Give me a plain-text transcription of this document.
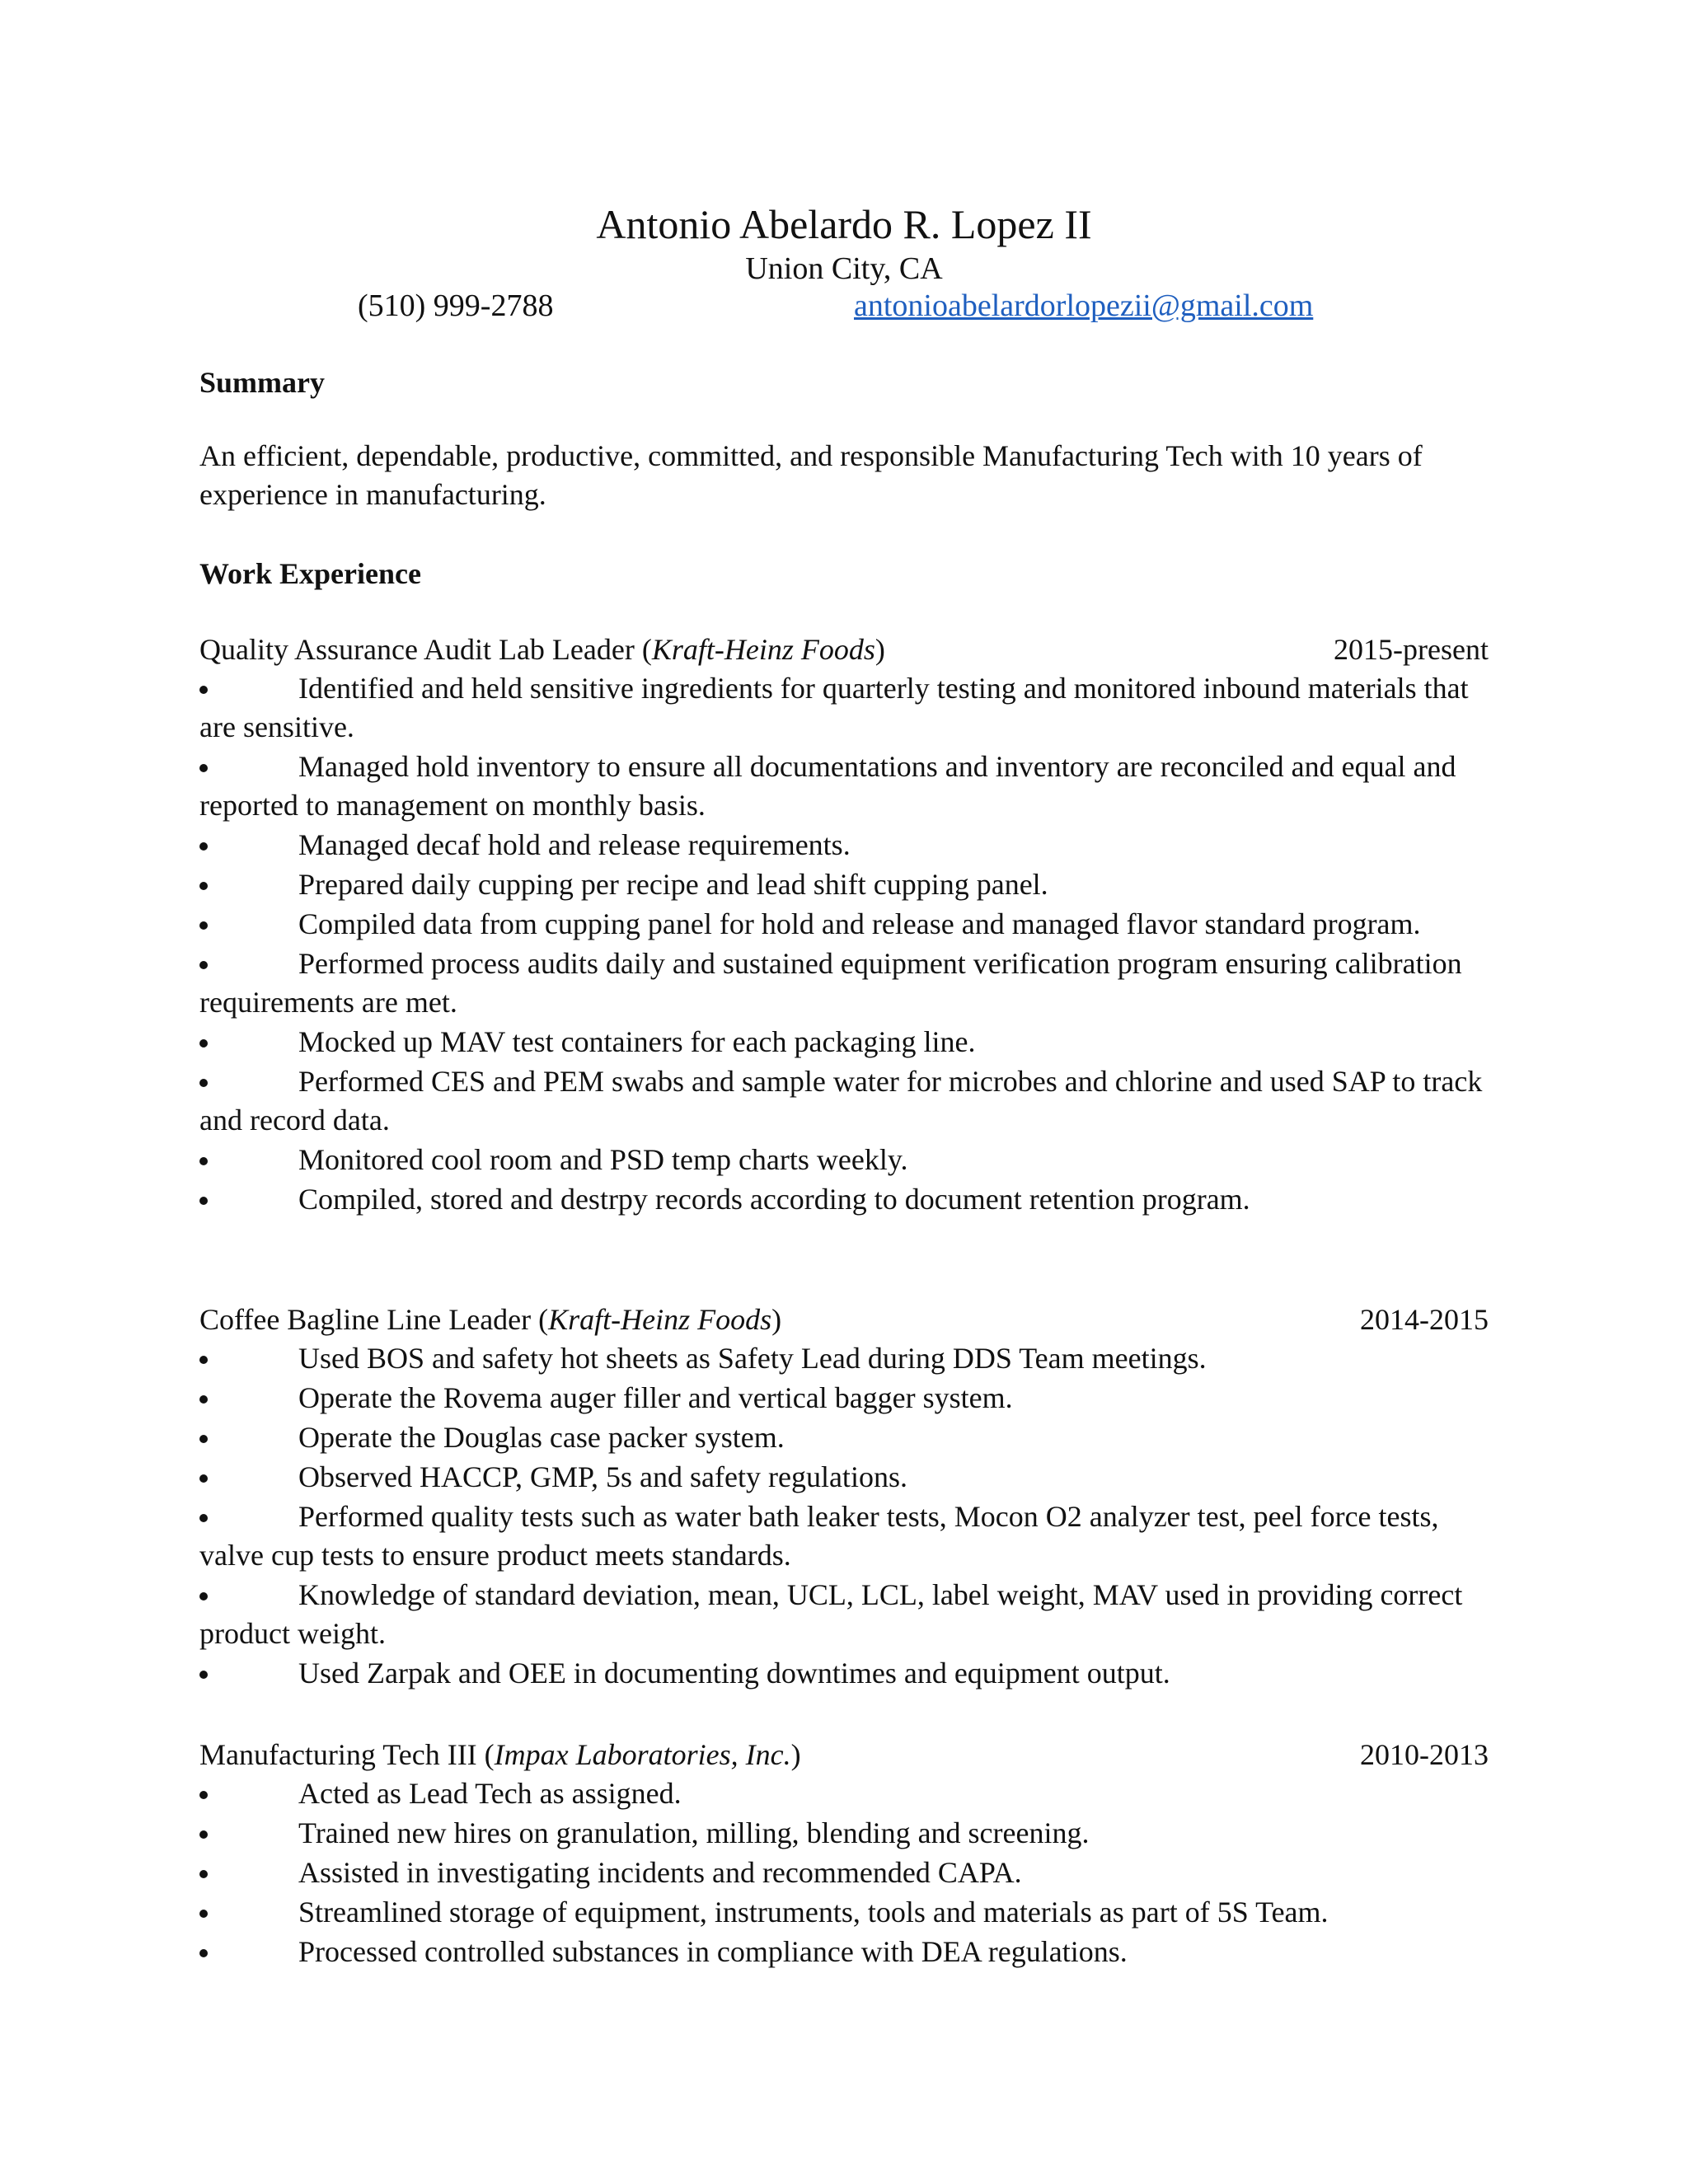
Antonio Abelardo R. Lopez II
Union City, CA
(510) 999-2788	antonioabelardorlopezii@gmail.com
Summary
An efficient, dependable, productive, committed, and responsible Manufacturing Tech with 10 years of experience in manufacturing.
Work Experience
Quality Assurance Audit Lab Leader (Kraft-Heinz Foods)	2015-present
Identified and held sensitive ingredients for quarterly testing and monitored inbound materials that are sensitive.
Managed hold inventory to ensure all documentations and inventory are reconciled and equal and reported to management on monthly basis.
Managed decaf hold and release requirements.
Prepared daily cupping per recipe and lead shift cupping panel.
Compiled data from cupping panel for hold and release and managed flavor standard program.
Performed process audits daily and sustained equipment verification program ensuring calibration requirements are met.
Mocked up MAV test containers for each packaging line.
Performed CES and PEM swabs and sample water for microbes and chlorine and used SAP to track and record data.
Monitored cool room and PSD temp charts weekly.
Compiled, stored and destrpy records according to document retention program.
Coffee Bagline Line Leader (Kraft-Heinz Foods)	2014-2015
Used BOS and safety hot sheets as Safety Lead during DDS Team meetings.
Operate the Rovema auger filler and vertical bagger system.
Operate the Douglas case packer system.
Observed HACCP, GMP, 5s and safety regulations.
Performed quality tests such as water bath leaker tests, Mocon O2 analyzer test, peel force tests, valve cup tests to ensure product meets standards.
Knowledge of standard deviation, mean, UCL, LCL, label weight, MAV used in providing correct product weight.
Used Zarpak and OEE in documenting downtimes and equipment output.
Manufacturing Tech III (Impax Laboratories, Inc.)	2010-2013
Acted as Lead Tech as assigned.
Trained new hires on granulation, milling, blending and screening.
Assisted in investigating incidents and recommended CAPA.
Streamlined storage of equipment, instruments, tools and materials as part of 5S Team.
Processed controlled substances in compliance with DEA regulations.
